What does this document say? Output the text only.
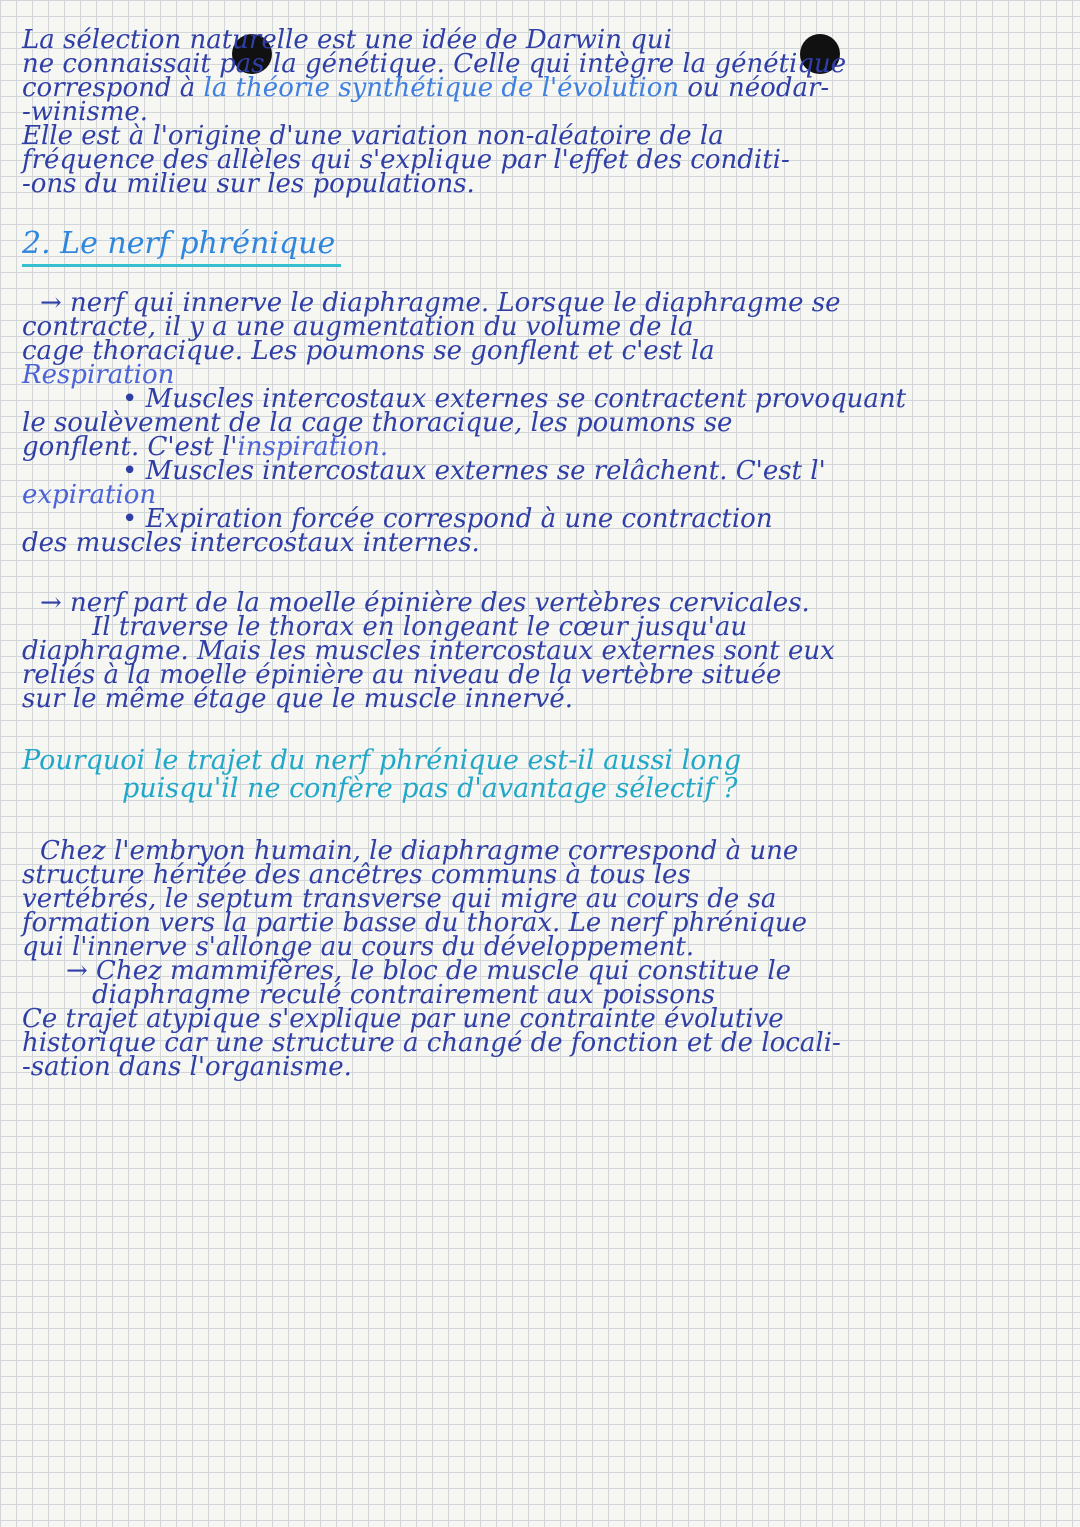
La sélection naturelle est une idée de Darwin qui

ne connaissait pas la génétique. Celle qui intègre la génétique

correspond à la théorie synthétique de l'évolution ou néodar-

-winisme.

Elle est à l'origine d'une variation non-aléatoire de la

fréquence des allèles qui s'explique par l'effet des conditi-

-ons du milieu sur les populations.

2. Le nerf phrénique

→ nerf qui innerve le diaphragme. Lorsque le diaphragme se

contracte, il y a une augmentation du volume de la

cage thoracique. Les poumons se gonflent et c'est la

Respiration

• Muscles intercostaux externes se contractent provoquant

le soulèvement de la cage thoracique, les poumons se

gonflent. C'est l'inspiration.

• Muscles intercostaux externes se relâchent. C'est l'

expiration

• Expiration forcée correspond à une contraction

des muscles intercostaux internes.

→ nerf part de la moelle épinière des vertèbres cervicales.

Il traverse le thorax en longeant le cœur jusqu'au

diaphragme. Mais les muscles intercostaux externes sont eux

reliés à la moelle épinière au niveau de la vertèbre située

sur le même étage que le muscle innervé.

Pourquoi le trajet du nerf phrénique est-il aussi long

puisqu'il ne confère pas d'avantage sélectif ?

Chez l'embryon humain, le diaphragme correspond à une

structure héritée des ancêtres communs à tous les

vertébrés, le septum transverse qui migre au cours de sa

formation vers la partie basse du thorax. Le nerf phrénique

qui l'innerve s'allonge au cours du développement.

→ Chez mammifères, le bloc de muscle qui constitue le

diaphragme reculé contrairement aux poissons

Ce trajet atypique s'explique par une contrainte évolutive

historique car une structure a changé de fonction et de locali-

-sation dans l'organisme.
